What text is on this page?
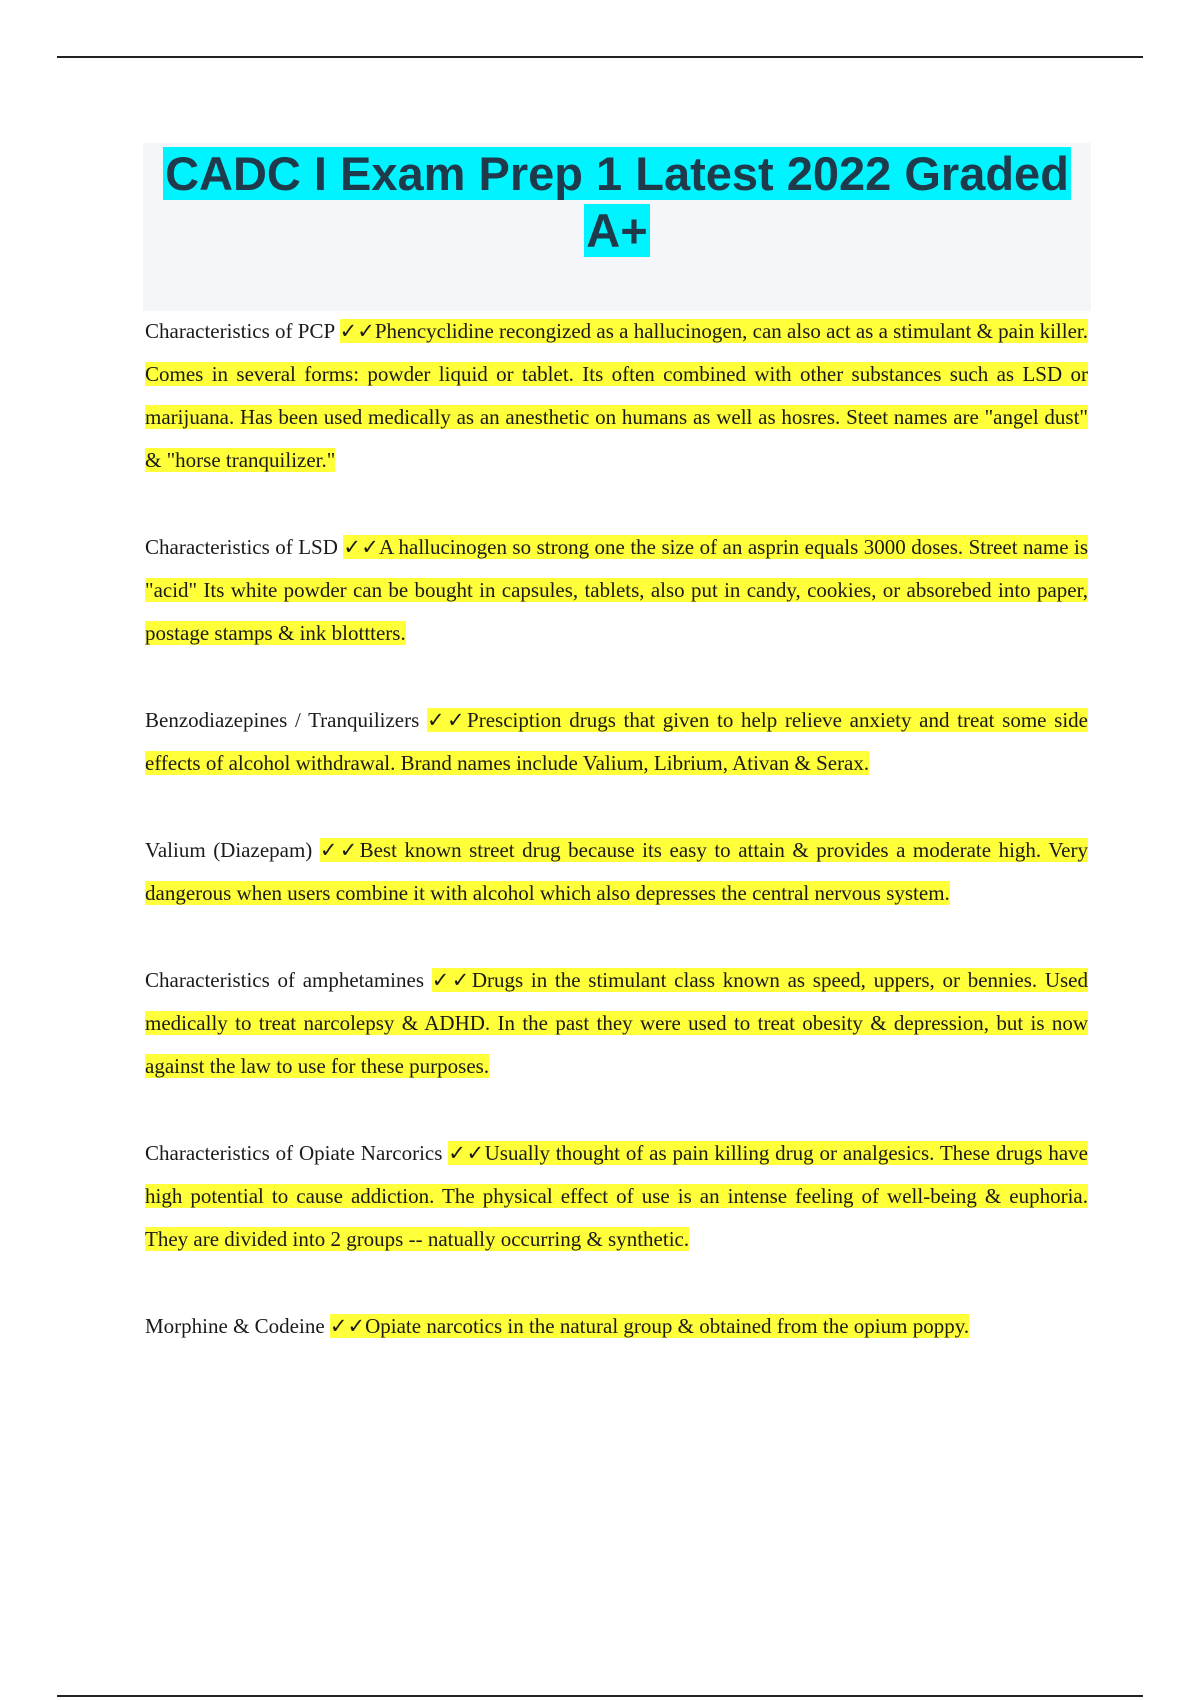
CADC I Exam Prep 1 Latest 2022 Graded
A+

Characteristics of PCP ✓✓Phencyclidine recongized as a hallucinogen, can also act as a stimulant & pain killer. Comes in several forms: powder liquid or tablet. Its often combined with other substances such as LSD or marijuana. Has been used medically as an anesthetic on humans as well as hosres. Steet names are "angel dust" & "horse tranquilizer."

Characteristics of LSD ✓✓A hallucinogen so strong one the size of an asprin equals 3000 doses. Street name is "acid" Its white powder can be bought in capsules, tablets, also put in candy, cookies, or absorebed into paper, postage stamps & ink blottters.

Benzodiazepines / Tranquilizers ✓✓Presciption drugs that given to help relieve anxiety and treat some side effects of alcohol withdrawal. Brand names include Valium, Librium, Ativan & Serax.

Valium (Diazepam) ✓✓Best known street drug because its easy to attain & provides a moderate high. Very dangerous when users combine it with alcohol which also depresses the central nervous system.

Characteristics of amphetamines ✓✓Drugs in the stimulant class known as speed, uppers, or bennies. Used medically to treat narcolepsy & ADHD. In the past they were used to treat obesity & depression, but is now against the law to use for these purposes.

Characteristics of Opiate Narcorics ✓✓Usually thought of as pain killing drug or analgesics. These drugs have high potential to cause addiction. The physical effect of use is an intense feeling of well-being & euphoria. They are divided into 2 groups -- natually occurring & synthetic.

Morphine & Codeine ✓✓Opiate narcotics in the natural group & obtained from the opium poppy.
